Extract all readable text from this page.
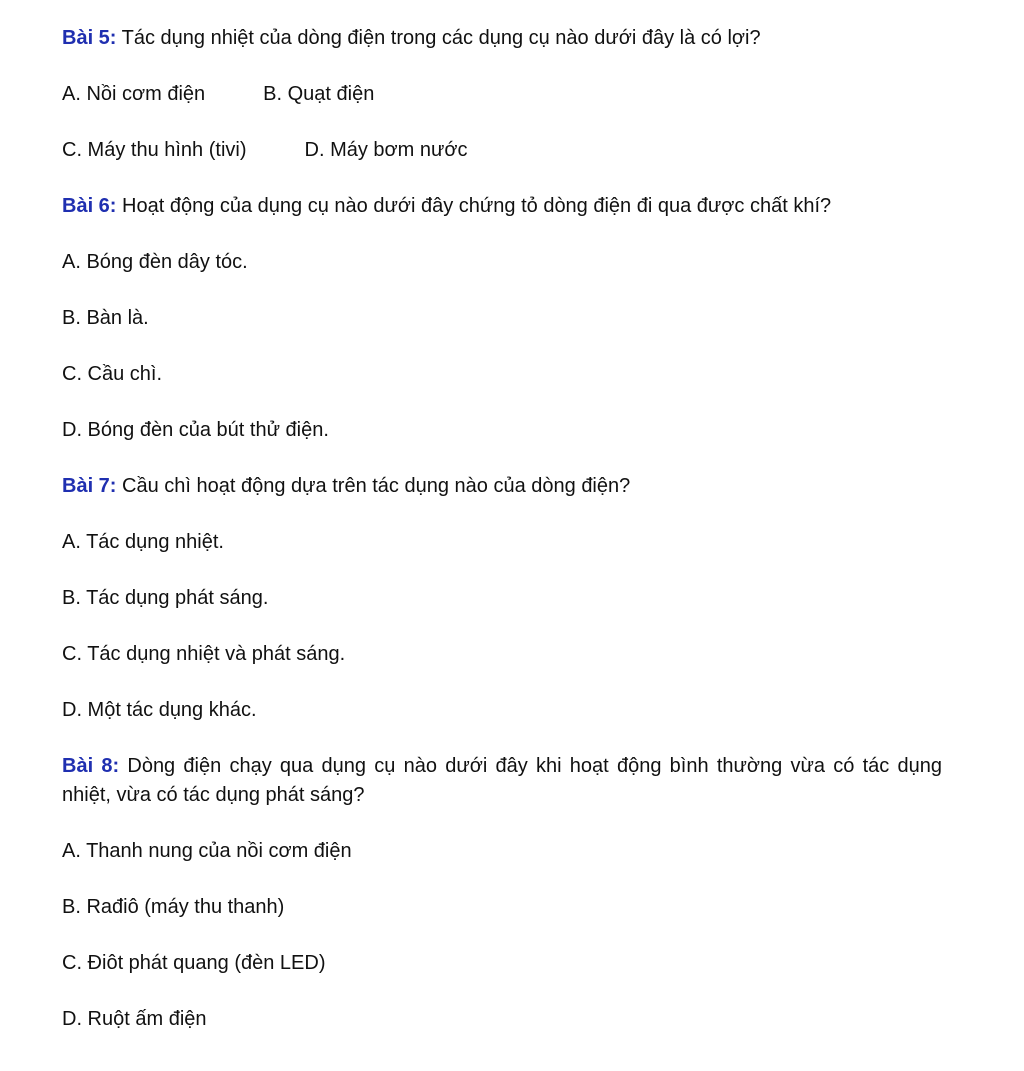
Bài 5: Tác dụng nhiệt của dòng điện trong các dụng cụ nào dưới đây là có lợi?
A. Nồi cơm điện	B. Quạt điện
C. Máy thu hình (tivi)	D. Máy bơm nước
Bài 6: Hoạt động của dụng cụ nào dưới đây chứng tỏ dòng điện đi qua được chất khí?
A. Bóng đèn dây tóc.
B. Bàn là.
C. Cầu chì.
D. Bóng đèn của bút thử điện.
Bài 7: Cầu chì hoạt động dựa trên tác dụng nào của dòng điện?
A. Tác dụng nhiệt.
B. Tác dụng phát sáng.
C. Tác dụng nhiệt và phát sáng.
D. Một tác dụng khác.
Bài 8: Dòng điện chạy qua dụng cụ nào dưới đây khi hoạt động bình thường vừa có tác dụng nhiệt, vừa có tác dụng phát sáng?
A. Thanh nung của nồi cơm điện
B. Rađiô (máy thu thanh)
C. Điôt phát quang (đèn LED)
D. Ruột ấm điện
